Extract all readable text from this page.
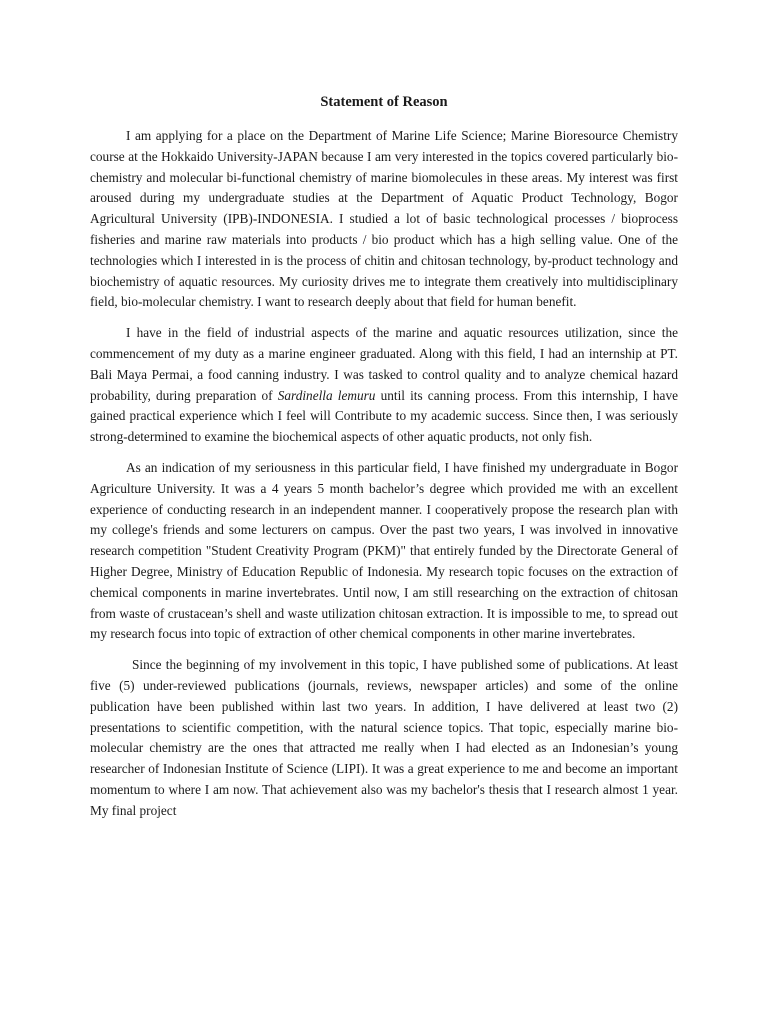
Statement of Reason

I am applying for a place on the Department of Marine Life Science; Marine Bioresource Chemistry course at the Hokkaido University-JAPAN because I am very interested in the topics covered particularly bio-chemistry and molecular bi-functional chemistry of marine biomolecules in these areas. My interest was first aroused during my undergraduate studies at the Department of Aquatic Product Technology, Bogor Agricultural University (IPB)-INDONESIA. I studied a lot of basic technological processes / bioprocess fisheries and marine raw materials into products / bio product which has a high selling value. One of the technologies which I interested in is the process of chitin and chitosan technology, by-product technology and biochemistry of aquatic resources. My curiosity drives me to integrate them creatively into multidisciplinary field, bio-molecular chemistry. I want to research deeply about that field for human benefit.

I have in the field of industrial aspects of the marine and aquatic resources utilization, since the commencement of my duty as a marine engineer graduated. Along with this field, I had an internship at PT. Bali Maya Permai, a food canning industry. I was tasked to control quality and to analyze chemical hazard probability, during preparation of Sardinella lemuru until its canning process. From this internship, I have gained practical experience which I feel will Contribute to my academic success. Since then, I was seriously strong-determined to examine the biochemical aspects of other aquatic products, not only fish.

As an indication of my seriousness in this particular field, I have finished my undergraduate in Bogor Agriculture University. It was a 4 years 5 month bachelor’s degree which provided me with an excellent experience of conducting research in an independent manner. I cooperatively propose the research plan with my college's friends and some lecturers on campus. Over the past two years, I was involved in innovative research competition "Student Creativity Program (PKM)" that entirely funded by the Directorate General of Higher Degree, Ministry of Education Republic of Indonesia. My research topic focuses on the extraction of chemical components in marine invertebrates. Until now, I am still researching on the extraction of chitosan from waste of crustacean’s shell and waste utilization chitosan extraction. It is impossible to me, to spread out my research focus into topic of extraction of other chemical components in other marine invertebrates.

Since the beginning of my involvement in this topic, I have published some of publications. At least five (5) under-reviewed publications (journals, reviews, newspaper articles) and some of the online publication have been published within last two years. In addition, I have delivered at least two (2) presentations to scientific competition, with the natural science topics. That topic, especially marine bio-molecular chemistry are the ones that attracted me really when I had elected as an Indonesian’s young researcher of Indonesian Institute of Science (LIPI). It was a great experience to me and become an important momentum to where I am now. That achievement also was my bachelor's thesis that I research almost 1 year. My final project
